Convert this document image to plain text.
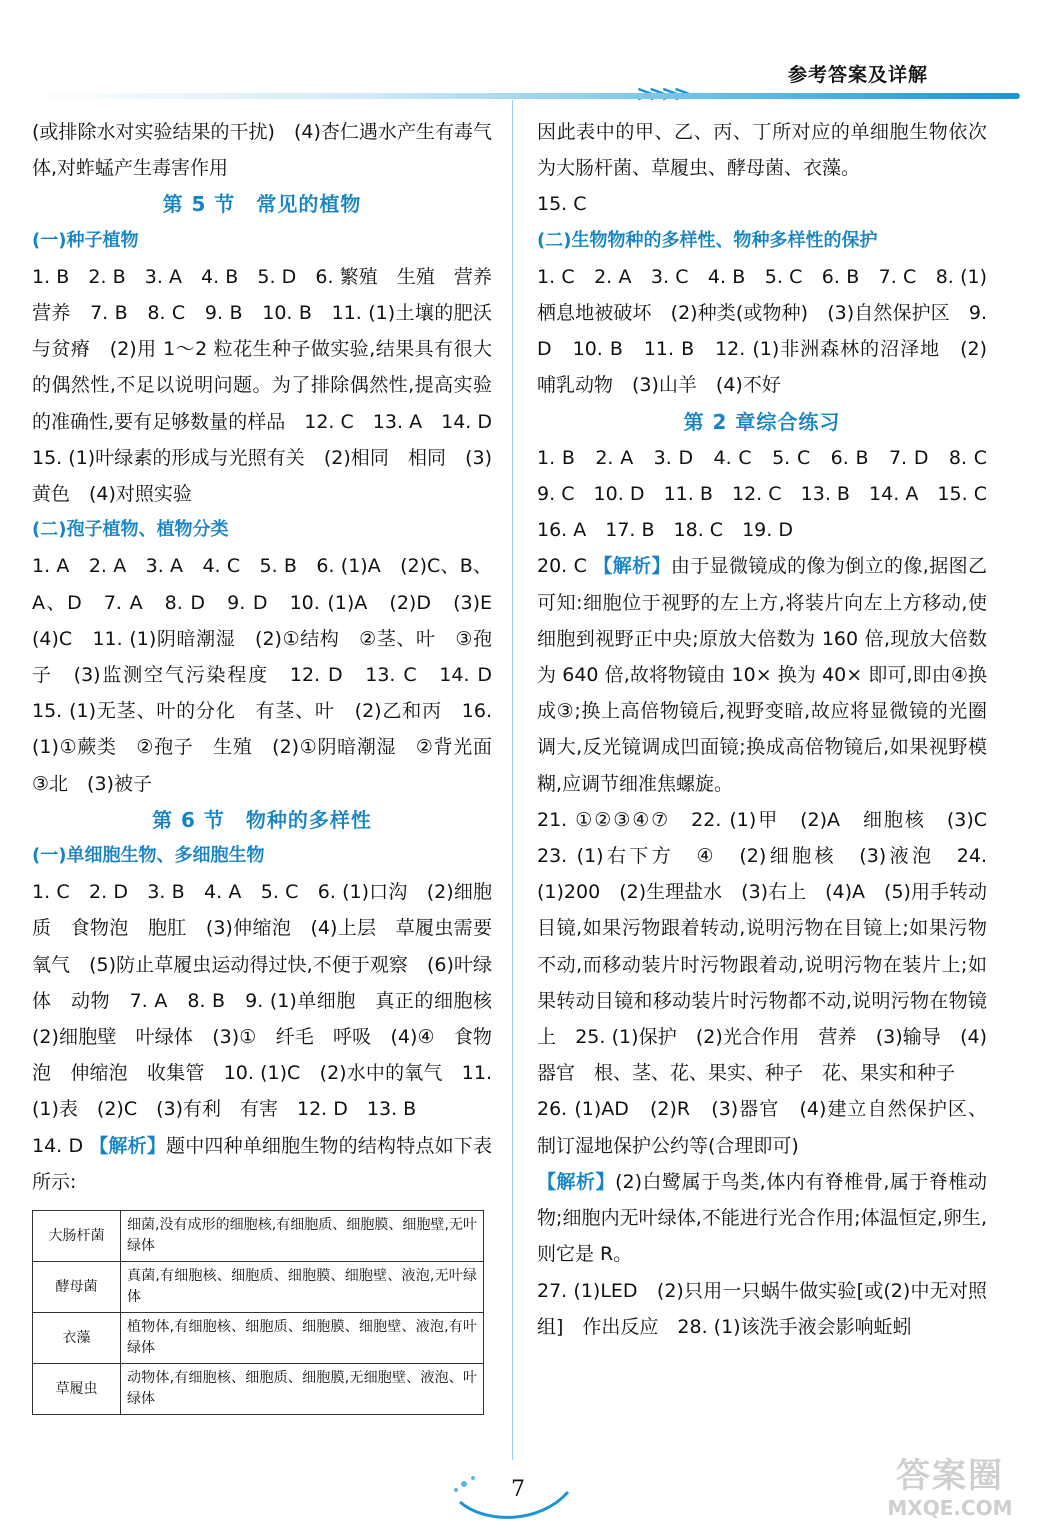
参考答案及详解

(或排除水对实验结果的干扰)　(4)杏仁遇水产生有毒气体,对蚱蜢产生毒害作用

第 5 节　常见的植物

(一)种子植物

1. B　2. B　3. A　4. B　5. D　6. 繁殖　生殖　营养　营养　7. B　8. C　9. B　10. B　11. (1)土壤的肥沃与贫瘠　(2)用 1～2 粒花生种子做实验,结果具有很大的偶然性,不足以说明问题。为了排除偶然性,提高实验的准确性,要有足够数量的样品　12. C　13. A　14. D　15. (1)叶绿素的形成与光照有关　(2)相同　相同　(3)黄色　(4)对照实验

(二)孢子植物、植物分类

1. A　2. A　3. A　4. C　5. B　6. (1)A　(2)C、B、A、D　7. A　8. D　9. D　10. (1)A　(2)D　(3)E　(4)C　11. (1)阴暗潮湿　(2)①结构　②茎、叶　③孢子　(3)监测空气污染程度　12. D　13. C　14. D　15. (1)无茎、叶的分化　有茎、叶　(2)乙和丙　16. (1)①蕨类　②孢子　生殖　(2)①阴暗潮湿　②背光面　③北　(3)被子

第 6 节　物种的多样性

(一)单细胞生物、多细胞生物

1. C　2. D　3. B　4. A　5. C　6. (1)口沟　(2)细胞质　食物泡　胞肛　(3)伸缩泡　(4)上层　草履虫需要氧气　(5)防止草履虫运动得过快,不便于观察　(6)叶绿体　动物　7. A　8. B　9. (1)单细胞　真正的细胞核　(2)细胞壁　叶绿体　(3)①　纤毛　呼吸　(4)④　食物泡　伸缩泡　收集管　10. (1)C　(2)水中的氧气　11. (1)表　(2)C　(3)有利　有害　12. D　13. B

14. D 【解析】题中四种单细胞生物的结构特点如下表所示:

大肠杆菌	细菌,没有成形的细胞核,有细胞质、细胞膜、细胞壁,无叶绿体
酵母菌	真菌,有细胞核、细胞质、细胞膜、细胞壁、液泡,无叶绿体
衣藻	植物体,有细胞核、细胞质、细胞膜、细胞壁、液泡,有叶绿体
草履虫	动物体,有细胞核、细胞质、细胞膜,无细胞壁、液泡、叶绿体

因此表中的甲、乙、丙、丁所对应的单细胞生物依次为大肠杆菌、草履虫、酵母菌、衣藻。

15. C

(二)生物物种的多样性、物种多样性的保护

1. C　2. A　3. C　4. B　5. C　6. B　7. C　8. (1)栖息地被破坏　(2)种类(或物种)　(3)自然保护区　9. D　10. B　11. B　12. (1)非洲森林的沼泽地　(2)哺乳动物　(3)山羊　(4)不好

第 2 章综合练习

1. B　2. A　3. D　4. C　5. C　6. B　7. D　8. C　9. C　10. D　11. B　12. C　13. B　14. A　15. C　16. A　17. B　18. C　19. D

20. C 【解析】由于显微镜成的像为倒立的像,据图乙可知:细胞位于视野的左上方,将装片向左上方移动,使细胞到视野正中央;原放大倍数为 160 倍,现放大倍数为 640 倍,故将物镜由 10× 换为 40× 即可,即由④换成③;换上高倍物镜后,视野变暗,故应将显微镜的光圈调大,反光镜调成凹面镜;换成高倍物镜后,如果视野模糊,应调节细准焦螺旋。

21. ①②③④⑦　22. (1)甲　(2)A　细胞核　(3)C　23. (1)右下方　④　(2)细胞核　(3)液泡　24. (1)200　(2)生理盐水　(3)右上　(4)A　(5)用手转动目镜,如果污物跟着转动,说明污物在目镜上;如果污物不动,而移动装片时污物跟着动,说明污物在装片上;如果转动目镜和移动装片时污物都不动,说明污物在物镜上　25. (1)保护　(2)光合作用　营养　(3)输导　(4)器官　根、茎、花、果实、种子　花、果实和种子

26. (1)AD　(2)R　(3)器官　(4)建立自然保护区、制订湿地保护公约等(合理即可)

【解析】(2)白鹭属于鸟类,体内有脊椎骨,属于脊椎动物;细胞内无叶绿体,不能进行光合作用;体温恒定,卵生,则它是 R。

27. (1)LED　(2)只用一只蜗牛做实验[或(2)中无对照组]　作出反应　28. (1)该洗手液会影响蚯蚓

7	答案圈
MXQE.COM
